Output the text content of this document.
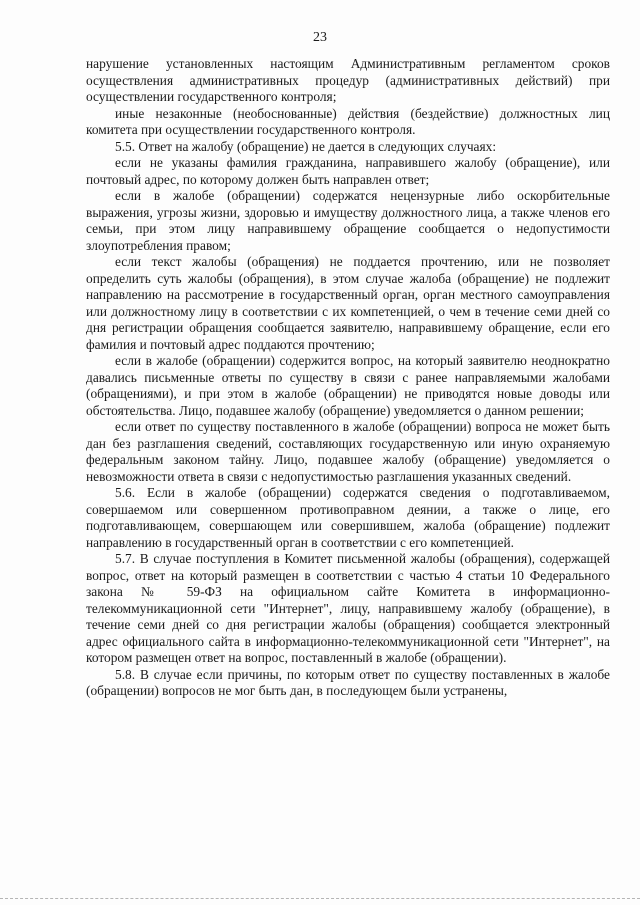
23

нарушение установленных настоящим Административным регламентом сроков осуществления административных процедур (административных действий) при осуществлении государственного контроля;

иные незаконные (необоснованные) действия (бездействие) должностных лиц комитета при осуществлении государственного контроля.

5.5. Ответ на жалобу (обращение) не дается в следующих случаях:

если не указаны фамилия гражданина, направившего жалобу (обращение), или почтовый адрес, по которому должен быть направлен ответ;

если в жалобе (обращении) содержатся нецензурные либо оскорбительные выражения, угрозы жизни, здоровью и имуществу должностного лица, а также членов его семьи, при этом лицу направившему обращение сообщается о недопустимости злоупотребления правом;

если текст жалобы (обращения) не поддается прочтению, или не позволяет определить суть жалобы (обращения), в этом случае жалоба (обращение) не подлежит направлению на рассмотрение в государственный орган, орган местного самоуправления или должностному лицу в соответствии с их компетенцией, о чем в течение семи дней со дня регистрации обращения сообщается заявителю, направившему обращение, если его фамилия и почтовый адрес поддаются прочтению;

если в жалобе (обращении) содержится вопрос, на который заявителю неоднократно давались письменные ответы по существу в связи с ранее направляемыми жалобами (обращениями), и при этом в жалобе (обращении) не приводятся новые доводы или обстоятельства. Лицо, подавшее жалобу (обращение) уведомляется о данном решении;

если ответ по существу поставленного в жалобе (обращении) вопроса не может быть дан без разглашения сведений, составляющих государственную или иную охраняемую федеральным законом тайну. Лицо, подавшее жалобу (обращение) уведомляется о невозможности ответа в связи с недопустимостью разглашения указанных сведений.

5.6. Если в жалобе (обращении) содержатся сведения о подготавливаемом, совершаемом или совершенном противоправном деянии, а также о лице, его подготавливающем, совершающем или совершившем, жалоба (обращение) подлежит направлению в государственный орган в соответствии с его компетенцией.

5.7. В случае поступления в Комитет письменной жалобы (обращения), содержащей вопрос, ответ на который размещен в соответствии с частью 4 статьи 10 Федерального закона № 59-ФЗ на официальном сайте Комитета в информационно-телекоммуникационной сети "Интернет", лицу, направившему жалобу (обращение), в течение семи дней со дня регистрации жалобы (обращения) сообщается электронный адрес официального сайта в информационно-телекоммуникационной сети "Интернет", на котором размещен ответ на вопрос, поставленный в жалобе (обращении).

5.8. В случае если причины, по которым ответ по существу поставленных в жалобе (обращении) вопросов не мог быть дан, в последующем были устранены,
